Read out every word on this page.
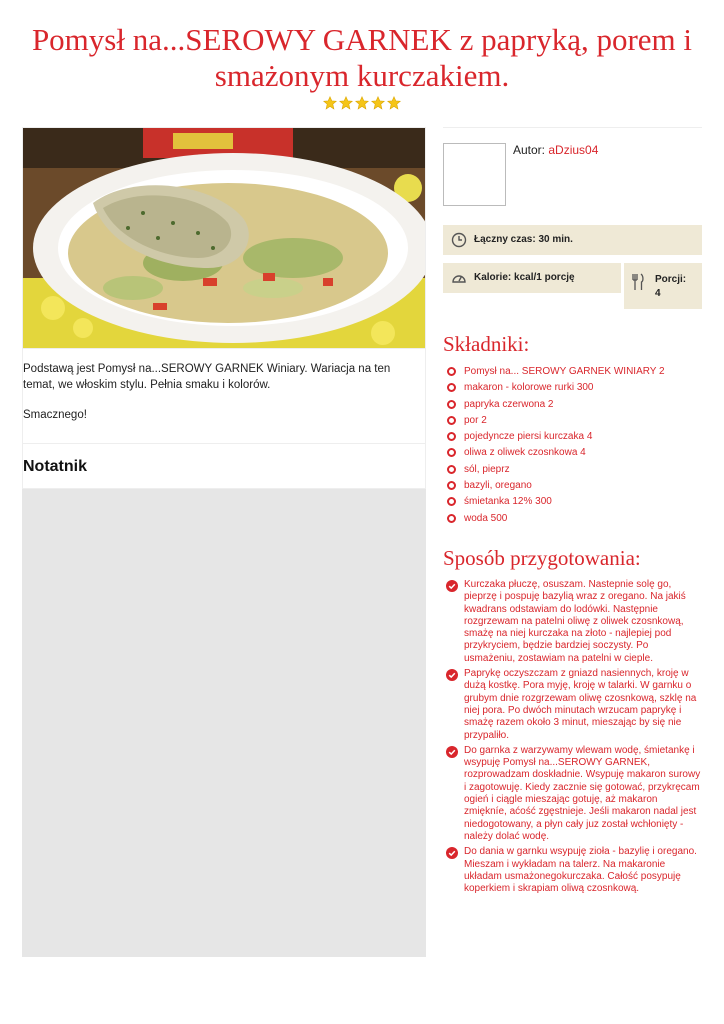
Pomysł na...SEROWY GARNEK z papryką, porem i smażonym kurczakiem.

Podstawą jest Pomysł na...SEROWY GARNEK Winiary. Wariacja na ten temat, we włoskim stylu. Pełnia smaku i kolorów.

Smacznego!

Notatnik
Autor: aDzius04
Łączny czas: 30 min.
Kalorie: kcal/1 porcję	Porcji:
4
Składniki:
Pomysł na... SEROWY GARNEK WINIARY 2
makaron - kolorowe rurki 300
papryka czerwona 2
por 2
pojedyncze piersi kurczaka 4
oliwa z oliwek czosnkowa 4
sól, pieprz
bazyli, oregano
śmietanka 12% 300
woda 500
Sposób przygotowania:
Kurczaka płuczę, osuszam. Nastepnie solę go, pieprzę i pospuję bazylią wraz z oregano. Na jakiś kwadrans odstawiam do lodówki. Następnie rozgrzewam na patelni oliwę z oliwek czosnkową, smażę na niej kurczaka na złoto - najlepiej pod przykryciem, będzie bardziej soczysty. Po usmażeniu, zostawiam na patelni w cieple.
Paprykę oczyszczam z gniazd nasiennych, kroję w dużą kostkę. Pora myję, kroję w talarki. W garnku o grubym dnie rozgrzewam oliwę czosnkową, szklę na niej pora. Po dwóch minutach wrzucam paprykę i smażę razem około 3 minut, mieszając by się nie przypaliło.
Do garnka z warzywamy wlewam wodę, śmietankę i wsypuję Pomysł na...SEROWY GARNEK, rozprowadzam doskładnie. Wsypuję makaron surowy i zagotowuję. Kiedy zacznie się gotować, przykręcam ogień i ciągle mieszając gotuję, aż makaron zmiękníe, aćość zgęstnieje. Jeśli makaron nadal jest niedogotowany, a płyn cały juz został wchłonięty - należy dolać wodę.
Do dania w garnku wsypuję zioła - bazylię i oregano. Mieszam i wykładam na talerz. Na makaronie układam usmażonegokurczaka. Całość posypuję koperkiem i skrapiam oliwą czosnkową.
